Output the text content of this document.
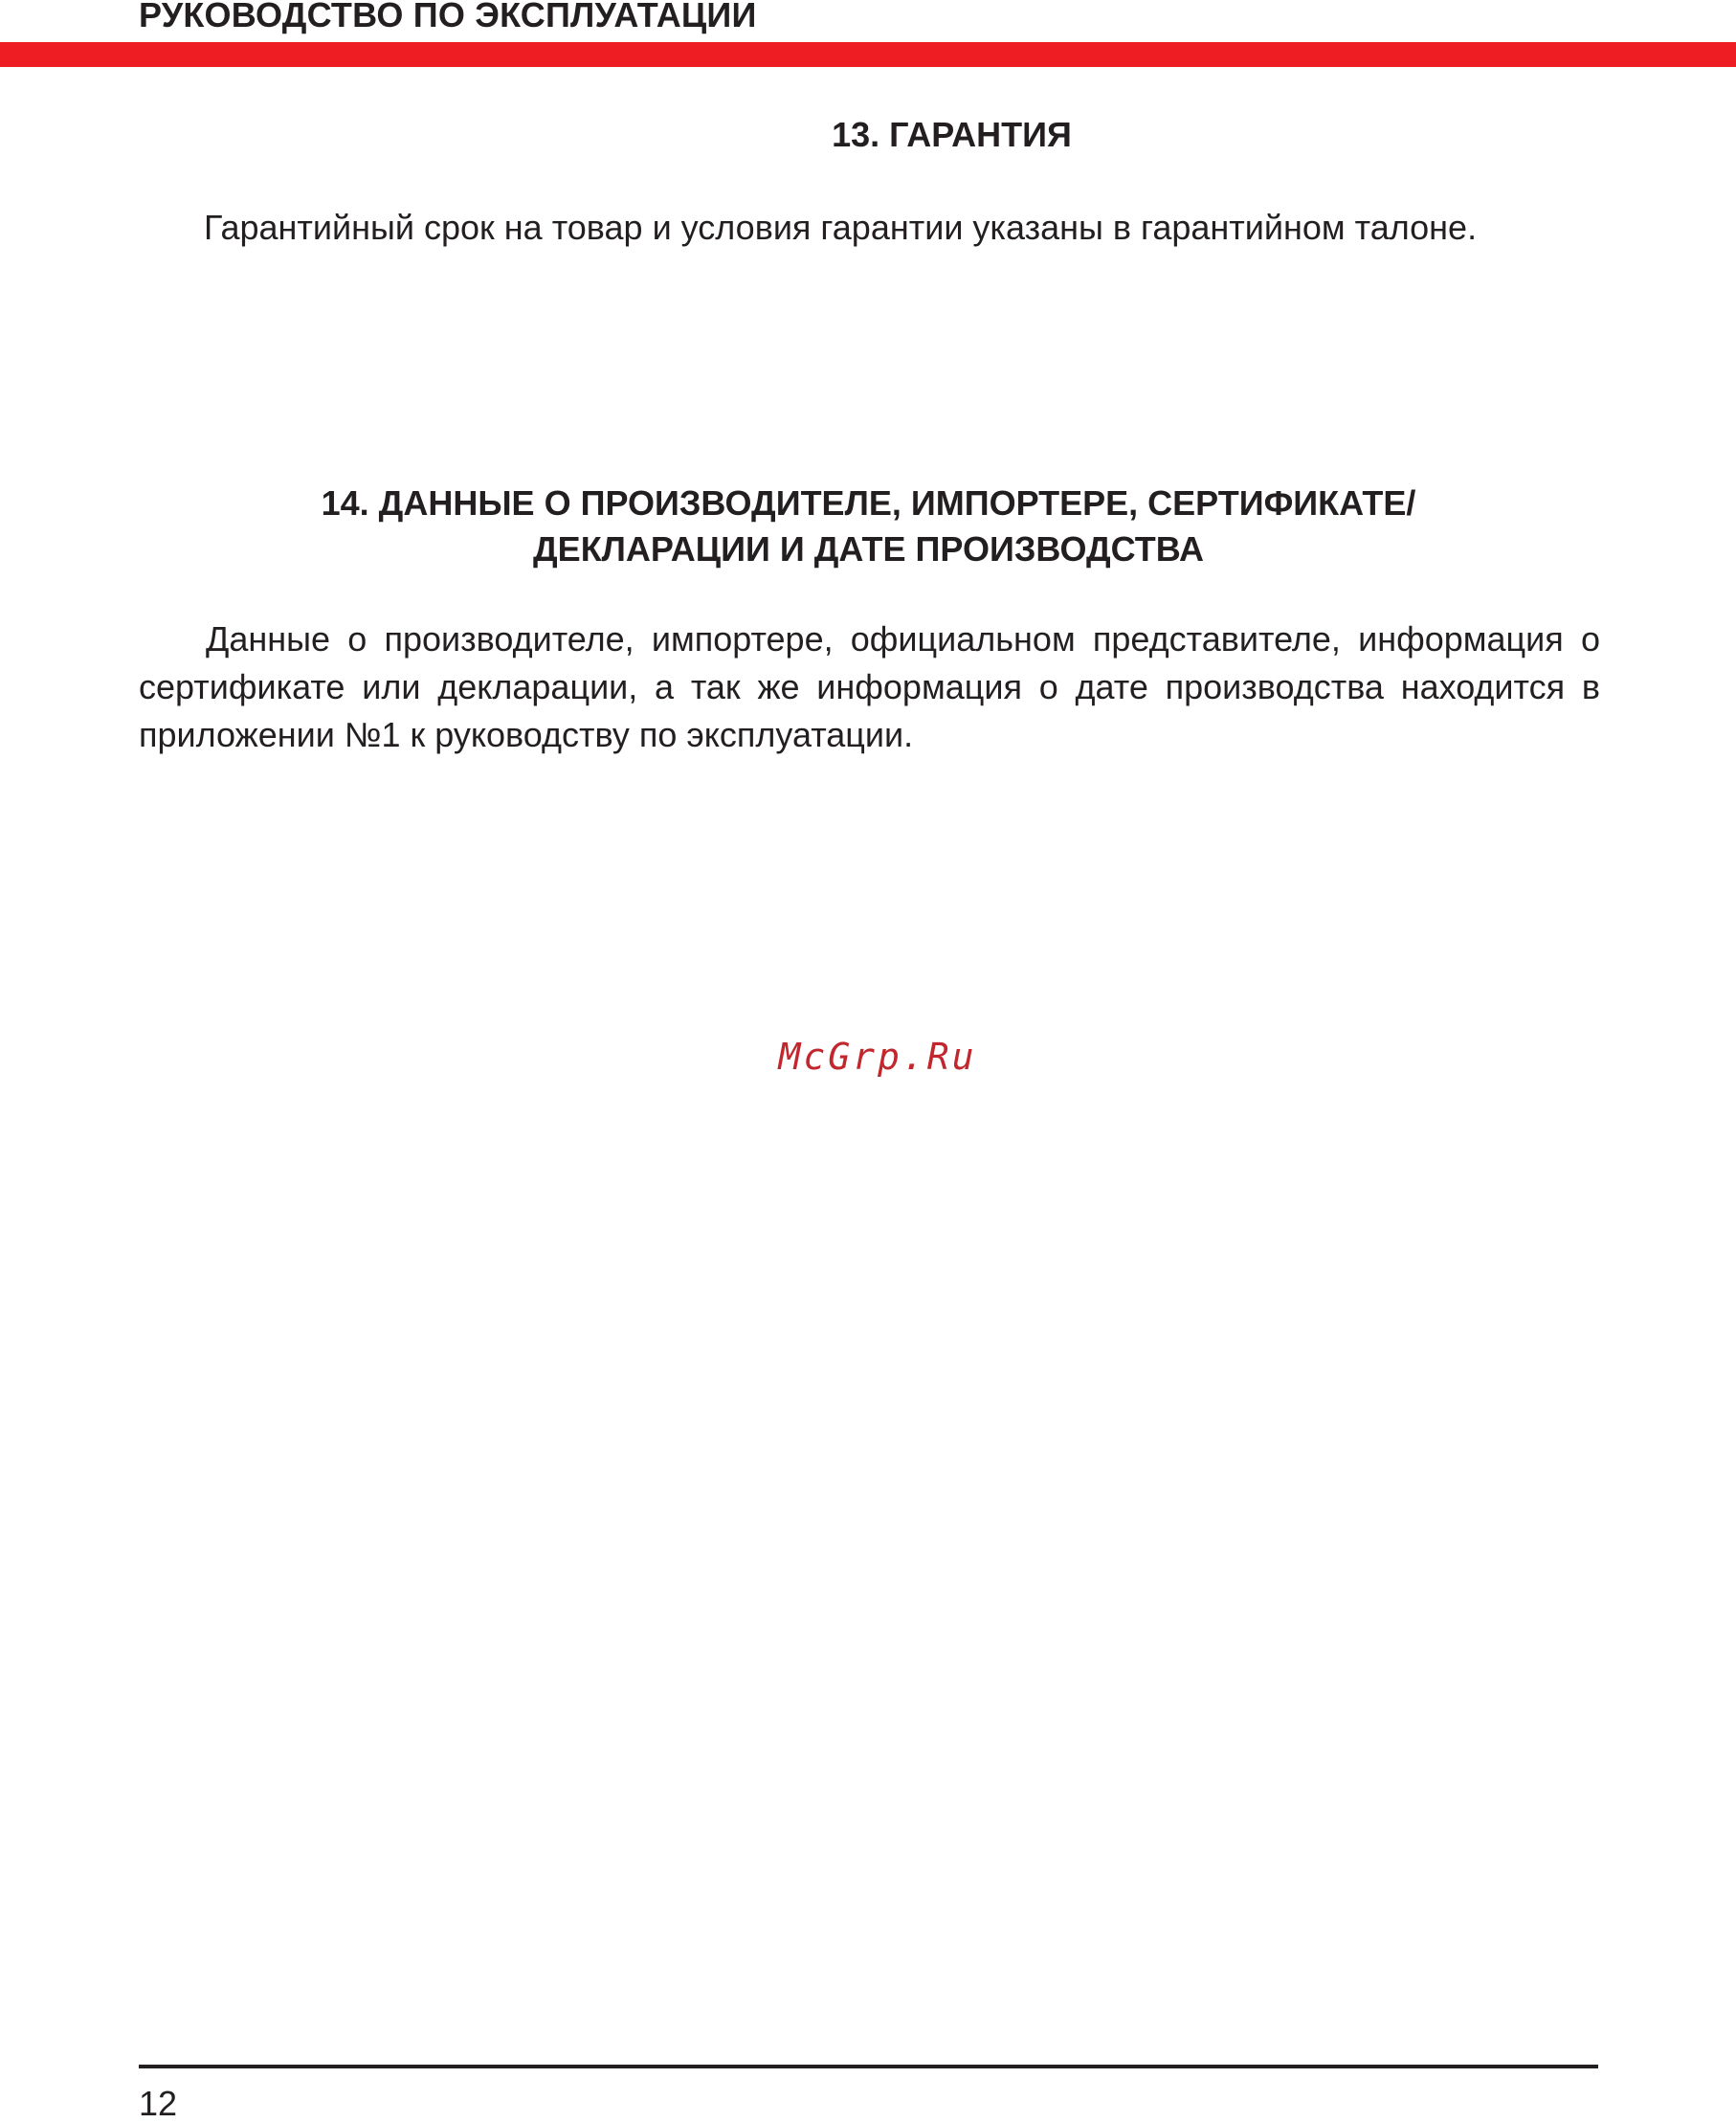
РУКОВОДСТВО ПО ЭКСПЛУАТАЦИИ
13. ГАРАНТИЯ
Гарантийный срок на товар и условия гарантии указаны в гарантийном талоне.
14. ДАННЫЕ О ПРОИЗВОДИТЕЛЕ, ИМПОРТЕРЕ, СЕРТИФИКАТЕ/
ДЕКЛАРАЦИИ И ДАТЕ ПРОИЗВОДСТВА
Данные о производителе, импортере, официальном представителе, информация о сертификате или декларации, а так же информация о дате производства находится в приложении №1 к руководству по эксплуатации.
McGrp.Ru
12
